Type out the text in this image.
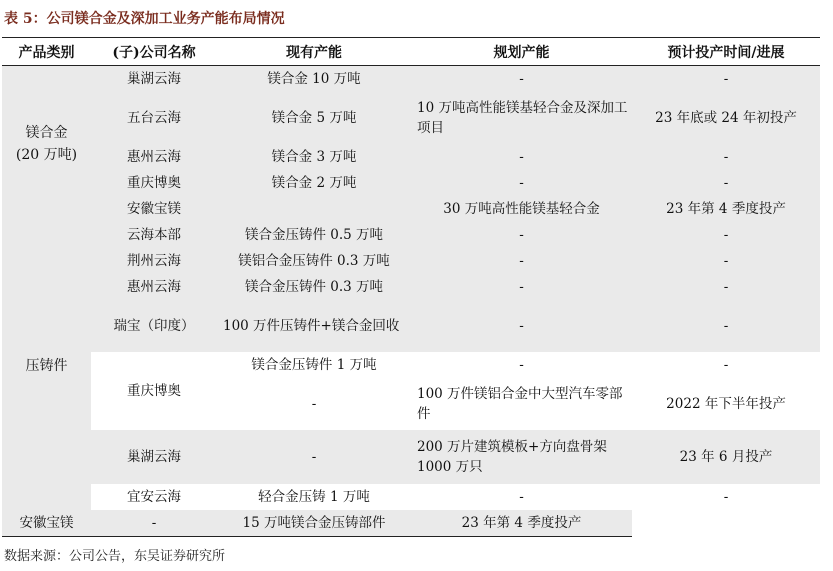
表 5：公司镁合金及深加工业务产能布局情况
产品类别	(子)公司名称	现有产能	规划产能	预计投产时间/进展

镁合金
(20 万吨)	巢湖云海	镁合金 10 万吨	-	-
	五台云海	镁合金 5 万吨	10 万吨高性能镁基轻合金及深加工项目	23 年底或 24 年初投产
	惠州云海	镁合金 3 万吨	-	-
	重庆博奥	镁合金 2 万吨	-	-
	安徽宝镁		30 万吨高性能镁基轻合金	23 年第 4 季度投产

压铸件	云海本部	镁合金压铸件 0.5 万吨	-	-
	荆州云海	镁铝合金压铸件 0.3 万吨	-	-
	惠州云海	镁合金压铸件 0.3 万吨	-	-
	瑞宝（印度）	100 万件压铸件+镁合金回收	-	-
	重庆博奥	镁合金压铸件 1 万吨	-	-
		-	100 万件镁铝合金中大型汽车零部件	2022 年下半年投产
	巢湖云海	-	200 万片建筑模板+方向盘骨架 1000 万只	23 年 6 月投产
	宜安云海	轻合金压铸 1 万吨	-	-
安徽宝镁	-	15 万吨镁合金压铸部件	23 年第 4 季度投产	
数据来源：公司公告，东吴证券研究所
